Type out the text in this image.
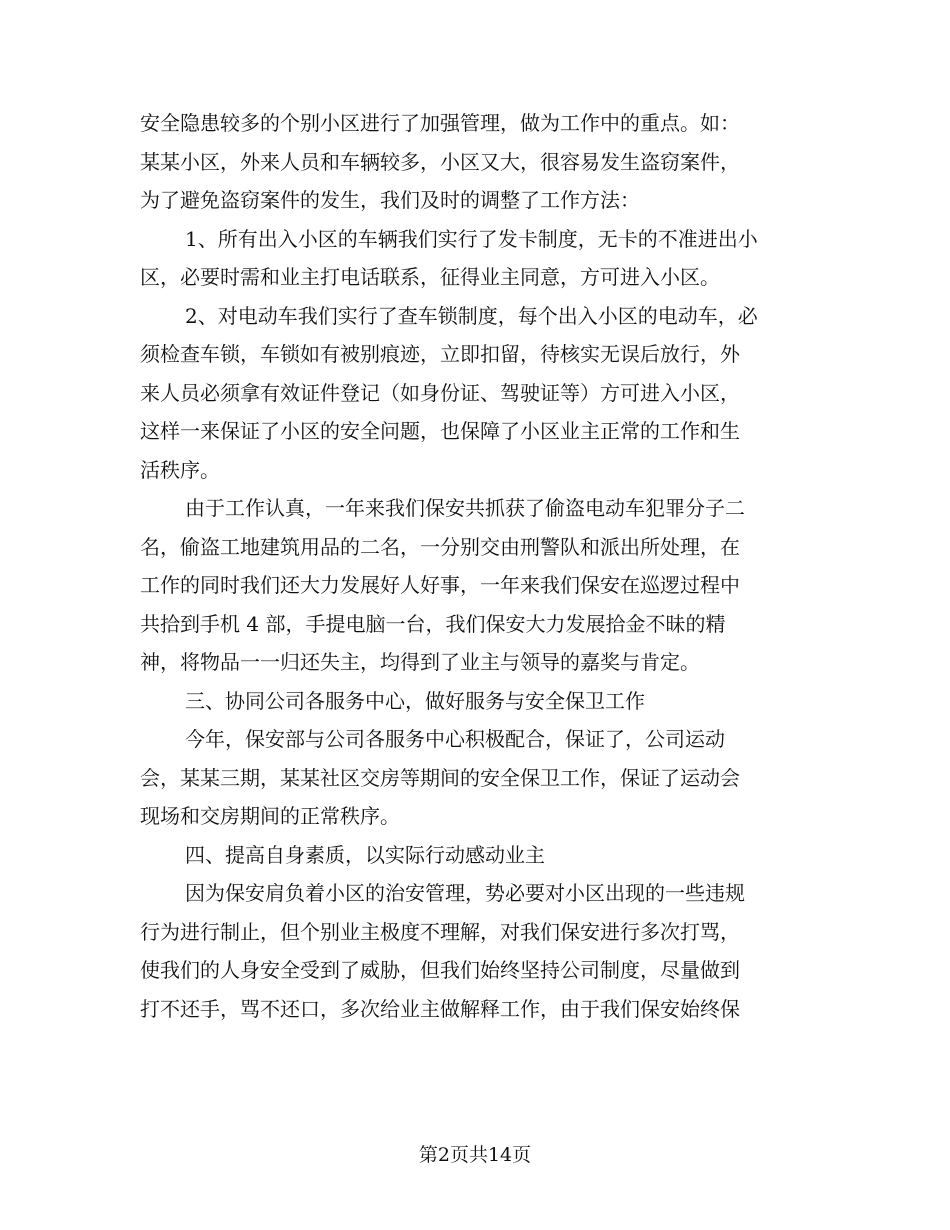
安全隐患较多的个别小区进行了加强管理，做为工作中的重点。如：
某某小区，外来人员和车辆较多，小区又大，很容易发生盗窃案件，
为了避免盗窃案件的发生，我们及时的调整了工作方法：
1、所有出入小区的车辆我们实行了发卡制度，无卡的不准进出小
区，必要时需和业主打电话联系，征得业主同意，方可进入小区。
2、对电动车我们实行了查车锁制度，每个出入小区的电动车，必
须检查车锁，车锁如有被别痕迹，立即扣留，待核实无误后放行，外
来人员必须拿有效证件登记（如身份证、驾驶证等）方可进入小区，
这样一来保证了小区的安全问题，也保障了小区业主正常的工作和生
活秩序。
由于工作认真，一年来我们保安共抓获了偷盗电动车犯罪分子二
名，偷盗工地建筑用品的二名，一分别交由刑警队和派出所处理，在
工作的同时我们还大力发展好人好事，一年来我们保安在巡逻过程中
共拾到手机 4 部，手提电脑一台，我们保安大力发展拾金不昧的精
神，将物品一一归还失主，均得到了业主与领导的嘉奖与肯定。
三、协同公司各服务中心，做好服务与安全保卫工作
今年，保安部与公司各服务中心积极配合，保证了，公司运动
会，某某三期，某某社区交房等期间的安全保卫工作，保证了运动会
现场和交房期间的正常秩序。
四、提高自身素质，以实际行动感动业主
因为保安肩负着小区的治安管理，势必要对小区出现的一些违规
行为进行制止，但个别业主极度不理解，对我们保安进行多次打骂，
使我们的人身安全受到了威胁，但我们始终坚持公司制度，尽量做到
打不还手，骂不还口，多次给业主做解释工作，由于我们保安始终保
第2页共14页
